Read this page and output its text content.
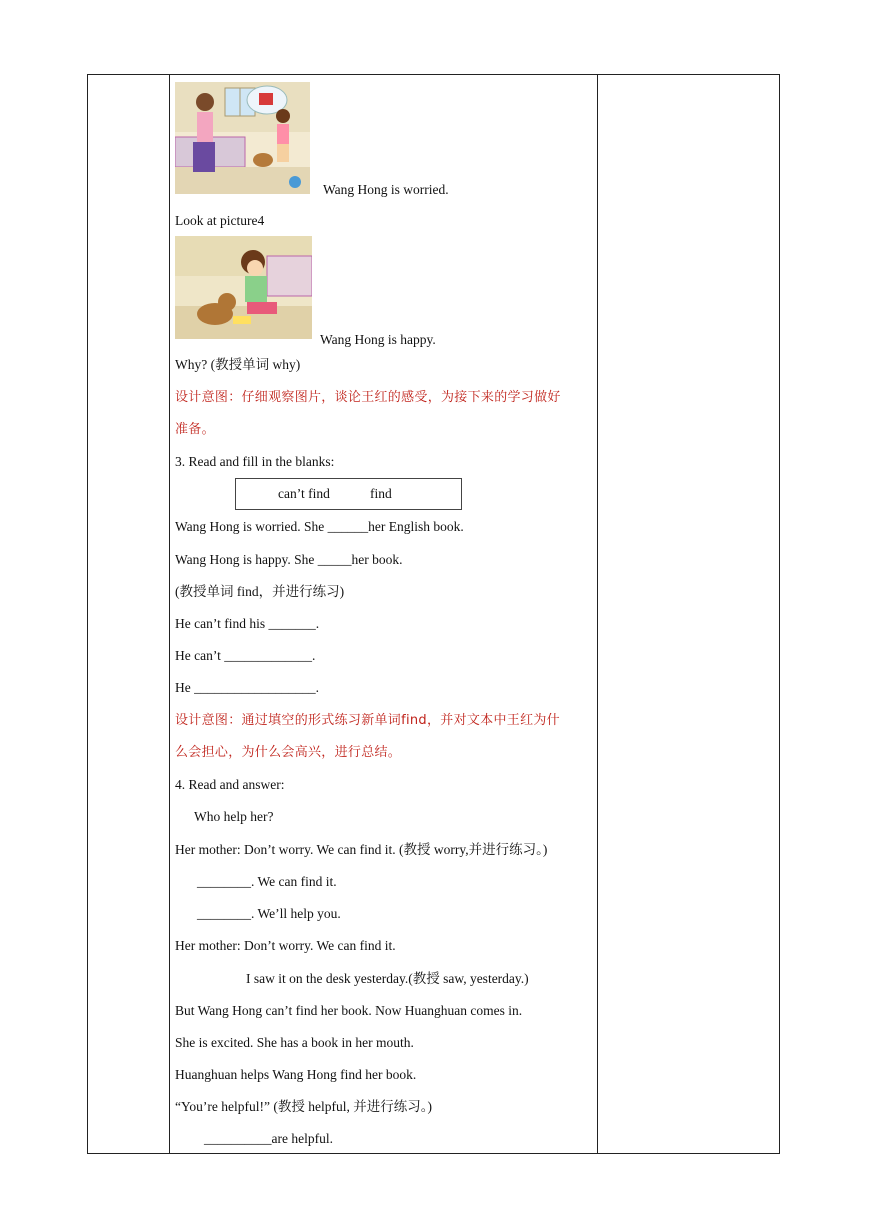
Wang Hong is worried.
Look at picture4
Wang Hong is happy.
Why? (教授单词 why)
设计意图：仔细观察图片，谈论王红的感受，为接下来的学习做好
准备。
3. Read and fill in the blanks:
can’t find	find
Wang Hong is worried. She ______her English book.
Wang Hong is happy. She _____her book.
(教授单词 find，并进行练习)
He can’t find his _______.
He can’t _____________.
He __________________.
设计意图：通过填空的形式练习新单词find，并对文本中王红为什
么会担心，为什么会高兴，进行总结。
4. Read and answer:
Who help her?
Her mother: Don’t worry. We can find it. (教授 worry,并进行练习。)
________. We can find it.
________. We’ll help you.
Her mother: Don’t worry. We can find it.
I saw it on the desk yesterday.(教授 saw, yesterday.)
But Wang Hong can’t find her book. Now Huanghuan comes in.
She is excited. She has a book in her mouth.
Huanghuan helps Wang Hong find her book.
“You’re helpful!” (教授 helpful, 并进行练习。)
__________are helpful.
